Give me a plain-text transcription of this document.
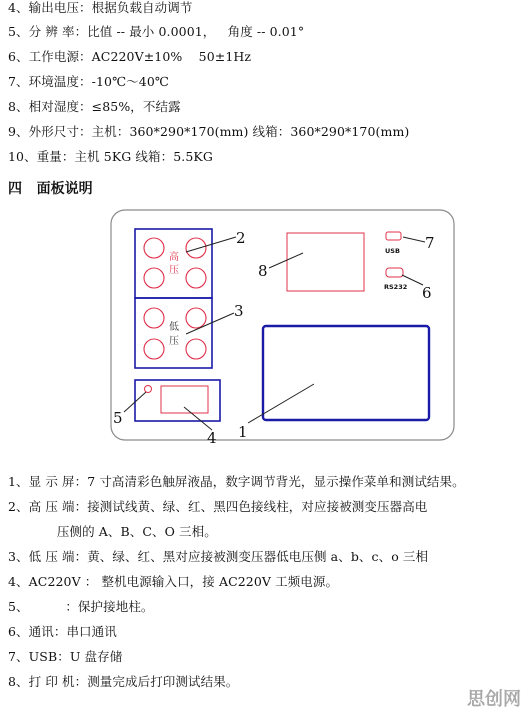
4、输出电压：根据负载自动调节
5、分 辨 率：比值 -- 最小 0.0001，   角度 -- 0.01°
6、工作电源：AC220V±10%    50±1Hz
7、环境温度：-10℃～40℃
8、相对湿度：≤85%，不结露
9、外形尺寸：主机：360*290*170(mm) 线箱：360*290*170(mm)
10、重量：主机 5KG 线箱：5.5KG
四   面板说明
高
压
低
压
USB
RS232
1
2
3
4
5
6
7
8
1、显 示 屏：7 寸高清彩色触屏液晶，数字调节背光，显示操作菜单和测试结果。
2、高 压 端：接测试线黄、绿、红、黑四色接线柱，对应接被测变压器高电
压侧的 A、B、C、O 三相。
3、低 压 端：黄、绿、红、黑对应接被测变压器低电压侧 a、b、c、o 三相
4、AC220V ： 整机电源输入口，接 AC220V 工频电源。
5、         ：保护接地柱。
6、通讯：串口通讯
7、USB：U 盘存储
8、打 印 机：测量完成后打印测试结果。
思创网
